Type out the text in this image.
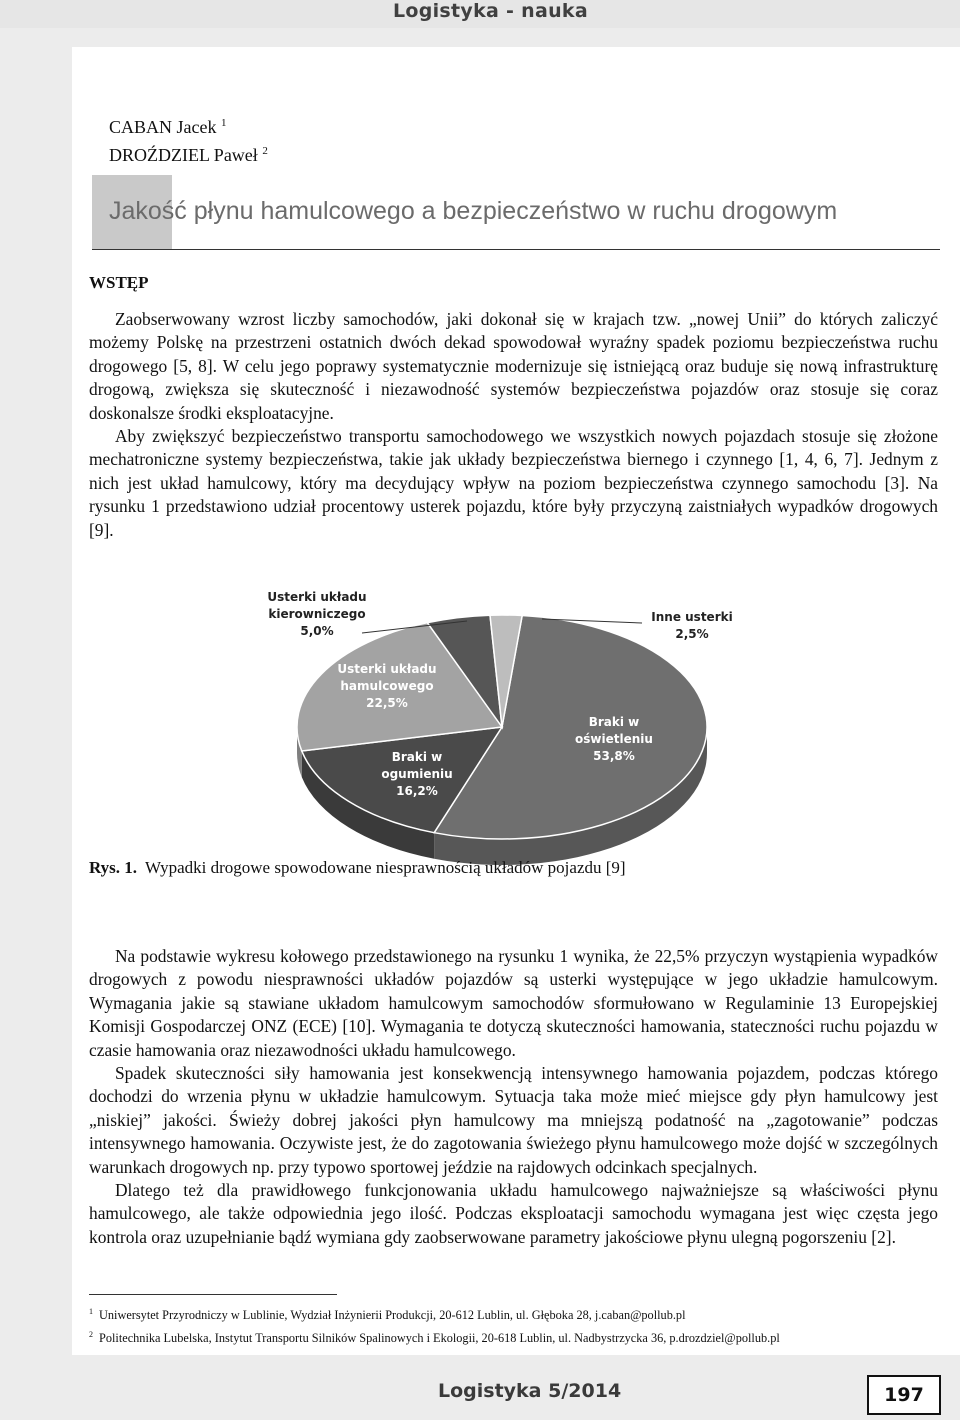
Logistyka - nauka
CABAN Jacek $^1$
DROŹDZIEL Paweł $^2$
Jakość płynu hamulcowego a bezpieczeństwo w ruchu drogowym
WSTĘP

Zaobserwowany wzrost liczby samochodów, jaki dokonał się w krajach tzw. „nowej Unii” do których zaliczyć możemy Polskę na przestrzeni ostatnich dwóch dekad spowodował wyraźny spadek poziomu bezpieczeństwa ruchu drogowego [5, 8]. W celu jego poprawy systematycznie modernizuje się istniejącą oraz buduje się nową infrastrukturę drogową, zwiększa się skuteczność i niezawodność systemów bezpieczeństwa pojazdów oraz stosuje się coraz doskonalsze środki eksploatacyjne.

Aby zwiększyć bezpieczeństwo transportu samochodowego we wszystkich nowych pojazdach stosuje się złożone mechatroniczne systemy bezpieczeństwa, takie jak układy bezpieczeństwa biernego i czynnego [1, 4, 6, 7]. Jednym z nich jest układ hamulcowy, który ma decydujący wpływ na poziom bezpieczeństwa czynnego samochodu [3]. Na rysunku 1 przedstawiono udział procentowy usterek pojazdu, które były przyczyną zaistniałych wypadków drogowych [9].

Braki w
oświetleniu
53,8%
Braki w
ogumieniu
16,2%
Usterki układu
hamulcowego
22,5%
Usterki układu
kierowniczego
5,0%
Inne usterki
2,5%
Rys. 1. Wypadki drogowe spowodowane niesprawnością układów pojazdu [9]

Na podstawie wykresu kołowego przedstawionego na rysunku 1 wynika, że 22,5% przyczyn wystąpienia wypadków drogowych z powodu niesprawności układów pojazdów są usterki występujące w jego układzie hamulcowym. Wymagania jakie są stawiane układom hamulcowym samochodów sformułowano w Regulaminie 13 Europejskiej Komisji Gospodarczej ONZ (ECE) [10]. Wymagania te dotyczą skuteczności hamowania, stateczności ruchu pojazdu w czasie hamowania oraz niezawodności układu hamulcowego.

Spadek skuteczności siły hamowania jest konsekwencją intensywnego hamowania pojazdem, podczas którego dochodzi do wrzenia płynu w układzie hamulcowym. Sytuacja taka może mieć miejsce gdy płyn hamulcowy jest „niskiej” jakości. Świeży dobrej jakości płyn hamulcowy ma mniejszą podatność na „zagotowanie” podczas intensywnego hamowania. Oczywiste jest, że do zagotowania świeżego płynu hamulcowego może dojść w szczególnych warunkach drogowych np. przy typowo sportowej jeździe na rajdowych odcinkach specjalnych.

Dlatego też dla prawidłowego funkcjonowania układu hamulcowego najważniejsze są właściwości płynu hamulcowego, ale także odpowiednia jego ilość. Podczas eksploatacji samochodu wymagana jest więc częsta jego kontrola oraz uzupełnianie bądź wymiana gdy zaobserwowane parametry jakościowe płynu ulegną pogorszeniu [2].

$^1$ Uniwersytet Przyrodniczy w Lublinie, Wydział Inżynierii Produkcji, 20-612 Lublin, ul. Głęboka 28, j.caban@pollub.pl
$^2$ Politechnika Lubelska, Instytut Transportu Silników Spalinowych i Ekologii, 20-618 Lublin, ul. Nadbystrzycka 36, p.drozdziel@pollub.pl
Logistyka 5/2014	197
